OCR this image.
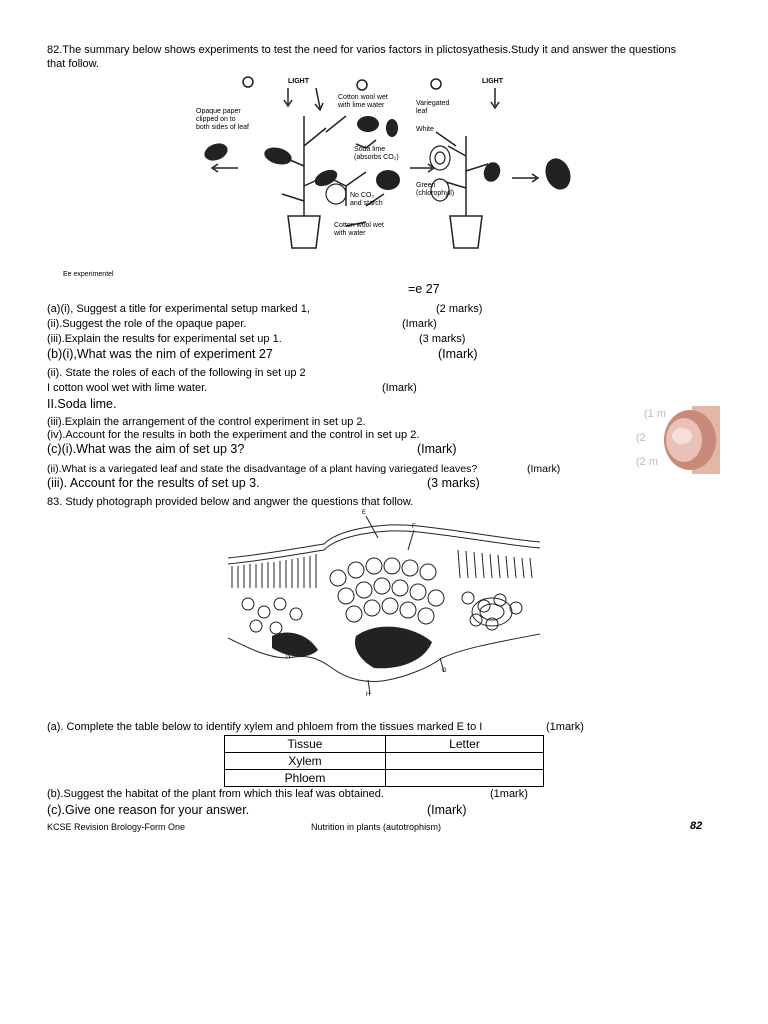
82.The summary below shows experiments to test the need for varios factors in plictosyathesis.Study it and answer the questions
that follow.
LIGHT	LIGHT
Opaque paper
clipped on to
both sides of leaf
Cotton wool wet
with lime water
Soda lime
(absorbs CO₂)
No CO₂
and starch
Cotton wool wet
with water
Variegated
leaf
White
Green
(chlorophyll)
Ee experimentel
=e 27
(a)(i), Suggest a title for experimental setup marked 1,	(2 marks)
(ii).Suggest the role of the opaque paper.	(Imark)
(iii).Explain the results for experimental set up 1.	(3 marks)
(b)(i),What was the nim of experiment 27	(Imark)
(ii). State the roles of each of the following in set up 2
I cotton wool wet with lime water.	(Imark)
II.Soda lime.
(iii).Explain the arrangement of the control experiment in set up 2.
(iv).Account for the results in both the experiment and the control in set up 2.
(c)(i).What was the aim of set up 3?	(Imark)
(ii).What is a variegated leaf and state the disadvantage of a plant having variegated leaves?	(Imark)
(iii). Account for the results of set up 3.	(3 marks)
(1 m
(2
(2 m
83. Study photograph provided below and angwer the questions that follow.
E
F
G
H
I
(a). Complete the table below to identify xylem and phloem from the tissues marked E to I	(1mark)
Tissue	Letter
Xylem	
Phloem	
(b).Suggest the habitat of the plant from which this leaf was obtained.	(1mark)
(c).Give one reason for your answer.	(Imark)
KCSE Revision Brology-Form One	Nutrition in plants (autotrophism)	82
